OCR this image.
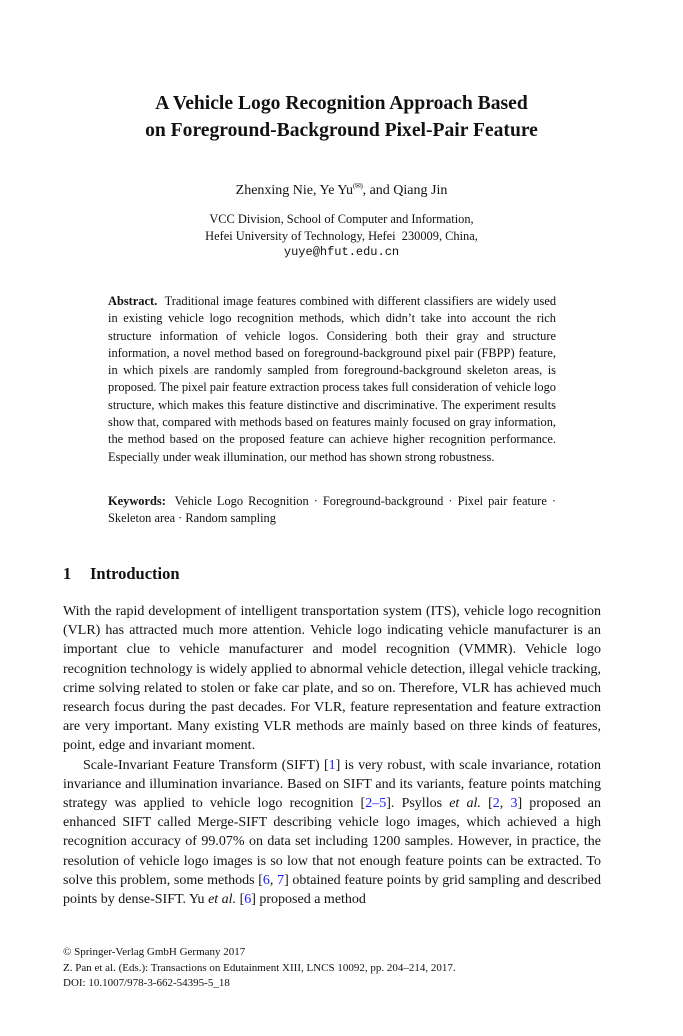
A Vehicle Logo Recognition Approach Based
on Foreground-Background Pixel-Pair Feature
Zhenxing Nie, Ye Yu(✉), and Qiang Jin
VCC Division, School of Computer and Information,
Hefei University of Technology, Hefei  230009, China,
yuye@hfut.edu.cn
Abstract. Traditional image features combined with different classifiers are widely used in existing vehicle logo recognition methods, which didn’t take into account the rich structure information of vehicle logos. Considering both their gray and structure information, a novel method based on foreground-background pixel pair (FBPP) feature, in which pixels are randomly sampled from foreground-background skeleton areas, is proposed. The pixel pair feature extraction process takes full consideration of vehicle logo structure, which makes this feature distinctive and discriminative. The experiment results show that, compared with methods based on features mainly focused on gray information, the method based on the proposed feature can achieve higher recognition performance. Especially under weak illumination, our method has shown strong robustness.
Keywords: Vehicle Logo Recognition · Foreground-background · Pixel pair feature · Skeleton area · Random sampling
1 Introduction

With the rapid development of intelligent transportation system (ITS), vehicle logo recognition (VLR) has attracted much more attention. Vehicle logo indicating vehicle manufacturer is an important clue to vehicle manufacturer and model recognition (VMMR). Vehicle logo recognition technology is widely applied to abnormal vehicle detection, illegal vehicle tracking, crime solving related to stolen or fake car plate, and so on. Therefore, VLR has achieved much research focus during the past decades. For VLR, feature representation and feature extraction are very important. Many existing VLR methods are mainly based on three kinds of features, point, edge and invariant moment.

Scale-Invariant Feature Transform (SIFT) [1] is very robust, with scale invariance, rotation invariance and illumination invariance. Based on SIFT and its variants, feature points matching strategy was applied to vehicle logo recognition [2–5]. Psyllos et al. [2, 3] proposed an enhanced SIFT called Merge-SIFT describing vehicle logo images, which achieved a high recognition accuracy of 99.07% on data set including 1200 samples. However, in practice, the resolution of vehicle logo images is so low that not enough feature points can be extracted. To solve this problem, some methods [6, 7] obtained feature points by grid sampling and described points by dense-SIFT. Yu et al. [6] proposed a method

© Springer-Verlag GmbH Germany 2017
Z. Pan et al. (Eds.): Transactions on Edutainment XIII, LNCS 10092, pp. 204–214, 2017.
DOI: 10.1007/978-3-662-54395-5_18
